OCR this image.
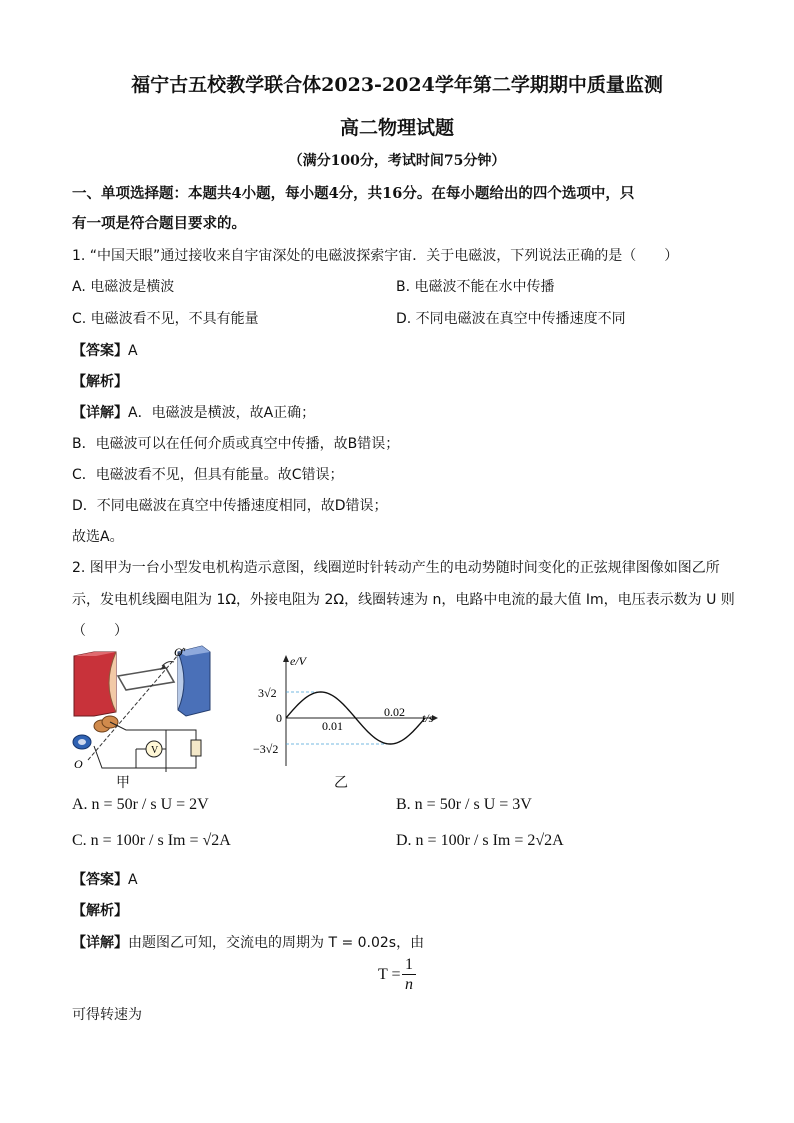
福宁古五校教学联合体2023-2024学年第二学期期中质量监测
高二物理试题
（满分100分，考试时间75分钟）
一、单项选择题：本题共4小题，每小题4分，共16分。在每小题给出的四个选项中，只
有一项是符合题目要求的。
1. “中国天眼”通过接收来自宇宙深处的电磁波探索宇宙．关于电磁波，下列说法正确的是（　　）
A. 电磁波是横波	B. 电磁波不能在水中传播
C. 电磁波看不见，不具有能量	D. 不同电磁波在真空中传播速度不同
【答案】A
【解析】
【详解】A．电磁波是横波，故A正确；
B．电磁波可以在任何介质或真空中传播，故B错误；
C．电磁波看不见，但具有能量。故C错误；
D．不同电磁波在真空中传播速度相同，故D错误；
故选A。
2. 图甲为一台小型发电机构造示意图，线圈逆时针转动产生的电动势随时间变化的正弦规律图像如图乙所
示，发电机线圈电阻为 1Ω，外接电阻为 2Ω，线圈转速为 n，电路中电流的最大值 Im，电压表示数为 U 则
（　　）
V
O′
O
甲
e/V
t/s
3√2
0
−3√2
0.01
0.02
乙
A. n = 50r / s U = 2V	B. n = 50r / s U = 3V
C. n = 100r / s Im = √2A	D. n = 100r / s Im = 2√2A
【答案】A
【解析】
【详解】由题图乙可知，交流电的周期为 T = 0.02s，由
T =
1
n
可得转速为
